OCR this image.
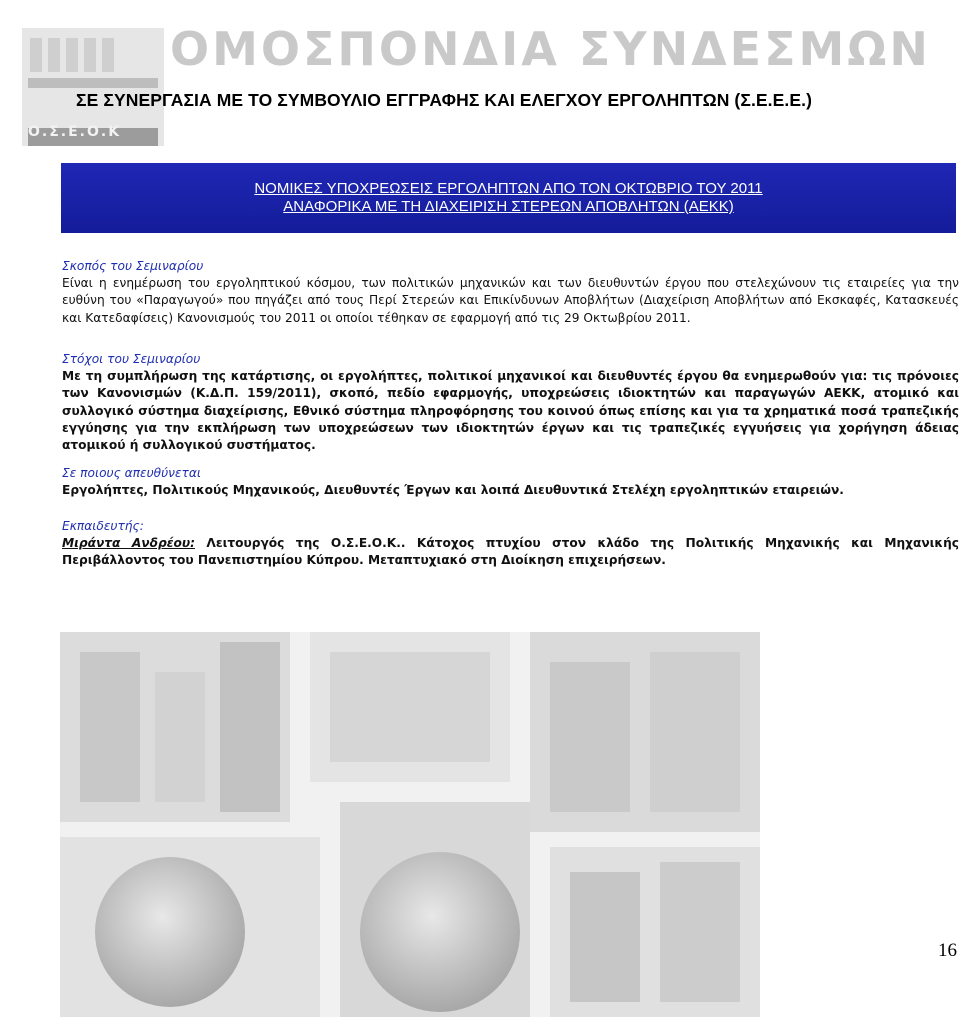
ΟΜΟΣΠΟΝΔΙΑ ΣΥΝΔΕΣΜΩΝ
Ο.Σ.Ε.Ο.Κ
ΣΕ ΣΥΝΕΡΓΑΣΙΑ ΜΕ ΤΟ ΣΥΜΒΟΥΛΙΟ ΕΓΓΡΑΦΗΣ ΚΑΙ ΕΛΕΓΧΟΥ ΕΡΓΟΛΗΠΤΩΝ (Σ.Ε.Ε.Ε.)
ΝΟΜΙΚΕΣ ΥΠΟΧΡΕΩΣΕΙΣ ΕΡΓΟΛΗΠΤΩΝ ΑΠΟ ΤΟΝ ΟΚΤΩΒΡΙΟ ΤΟΥ 2011
ΑΝΑΦΟΡΙΚΑ ΜΕ ΤΗ ΔΙΑΧΕΙΡΙΣΗ ΣΤΕΡΕΩΝ ΑΠΟΒΛΗΤΩΝ (ΑΕΚΚ)
Σκοπός του Σεμιναρίου
Είναι η ενημέρωση του εργοληπτικού κόσμου, των πολιτικών μηχανικών και των διευθυντών έργου που στελεχώνουν τις εταιρείες για την ευθύνη του «Παραγωγού» που πηγάζει από τους Περί Στερεών και Επικίνδυνων Αποβλήτων (Διαχείριση Αποβλήτων από Εκσκαφές, Κατασκευές και Κατεδαφίσεις) Κανονισμούς του 2011 οι οποίοι τέθηκαν σε εφαρμογή από τις 29 Οκτωβρίου 2011.
Στόχοι του Σεμιναρίου
Με τη συμπλήρωση της κατάρτισης, οι εργολήπτες, πολιτικοί μηχανικοί και διευθυντές έργου θα ενημερωθούν για: τις πρόνοιες των Κανονισμών (Κ.Δ.Π. 159/2011), σκοπό, πεδίο εφαρμογής, υποχρεώσεις ιδιοκτητών και παραγωγών ΑΕΚΚ, ατομικό και συλλογικό σύστημα διαχείρισης, Εθνικό σύστημα πληροφόρησης του κοινού όπως επίσης και για τα χρηματικά ποσά τραπεζικής εγγύησης για την εκπλήρωση των υποχρεώσεων των ιδιοκτητών έργων και τις τραπεζικές εγγυήσεις για χορήγηση άδειας ατομικού ή συλλογικού συστήματος.
Σε ποιους απευθύνεται
Εργολήπτες, Πολιτικούς Μηχανικούς, Διευθυντές Έργων και λοιπά Διευθυντικά Στελέχη εργοληπτικών εταιρειών.
Εκπαιδευτής:
Μιράντα Ανδρέου: Λειτουργός της Ο.Σ.Ε.Ο.Κ.. Κάτοχος πτυχίου στον κλάδο της Πολιτικής Μηχανικής και Μηχανικής Περιβάλλοντος του Πανεπιστημίου Κύπρου. Μεταπτυχιακό στη Διοίκηση επιχειρήσεων.
16
